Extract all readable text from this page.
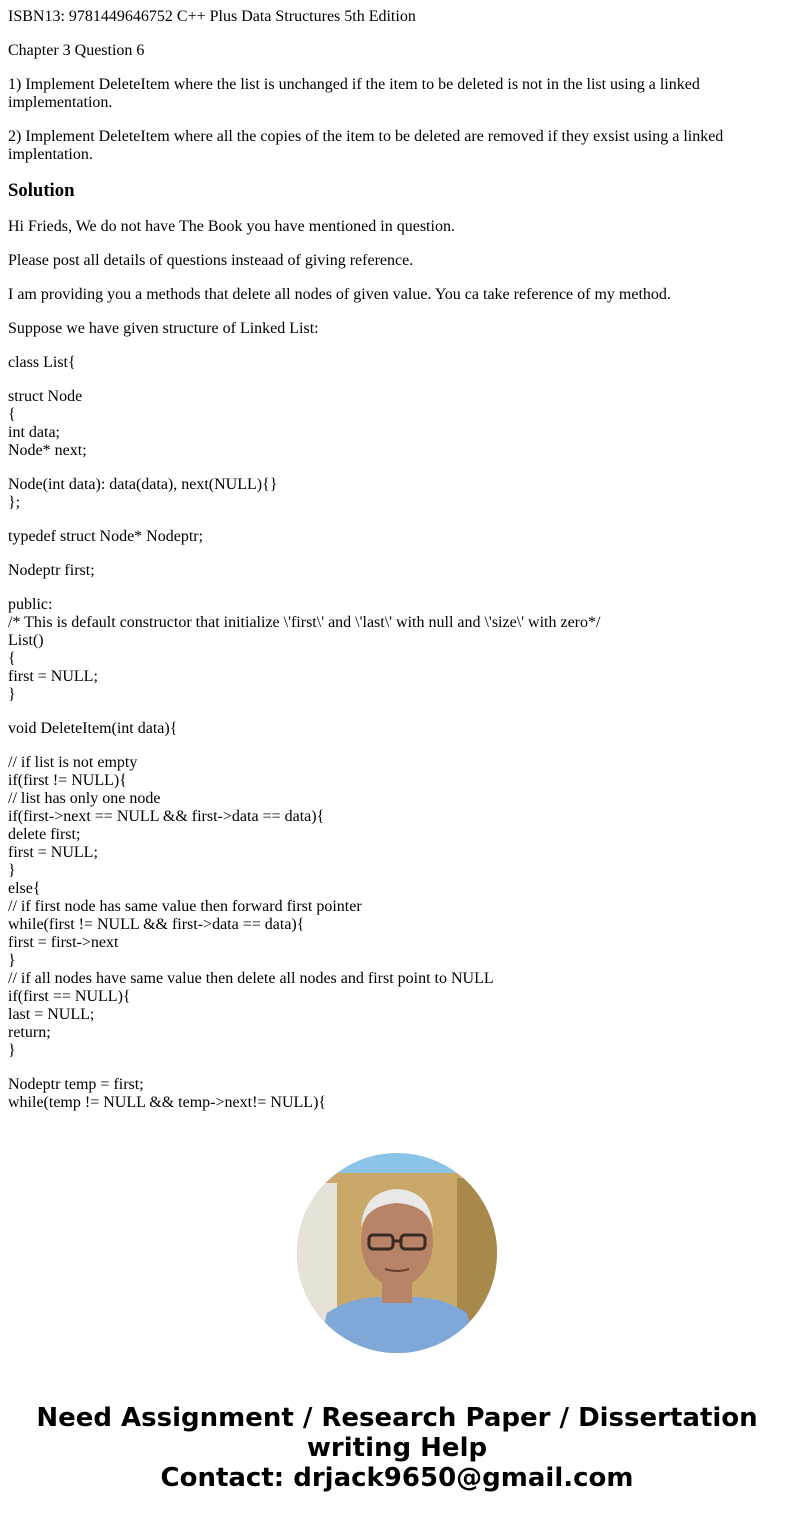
ISBN13: 9781449646752 C++ Plus Data Structures 5th Edition

Chapter 3 Question 6

1) Implement DeleteItem where the list is unchanged if the item to be deleted is not in the list using a linked implementation.

2) Implement DeleteItem where all the copies of the item to be deleted are removed if they exsist using a linked implentation.

Solution

Hi Frieds, We do not have The Book you have mentioned in question.

Please post all details of questions insteaad of giving reference.

I am providing you a methods that delete all nodes of given value. You ca take reference of my method.

Suppose we have given structure of Linked List:

class List{
struct Node
{
int data;
Node* next;
Node(int data): data(data), next(NULL){}
};
typedef struct Node* Nodeptr;
Nodeptr first;
public:
/* This is default constructor that initialize \'first\' and \'last\' with null and \'size\' with zero*/
List()
{
first = NULL;
}
void DeleteItem(int data){
// if list is not empty
if(first != NULL){
// list has only one node
if(first->next == NULL && first->data == data){
delete first;
first = NULL;
}
else{
// if first node has same value then forward first pointer
while(first != NULL && first->data == data){
first = first->next
}
// if all nodes have same value then delete all nodes and first point to NULL
if(first == NULL){
last = NULL;
return;
}
Nodeptr temp = first;
while(temp != NULL && temp->next!= NULL){
Need Assignment / Research Paper / Dissertation
writing Help
Contact: drjack9650@gmail.com
